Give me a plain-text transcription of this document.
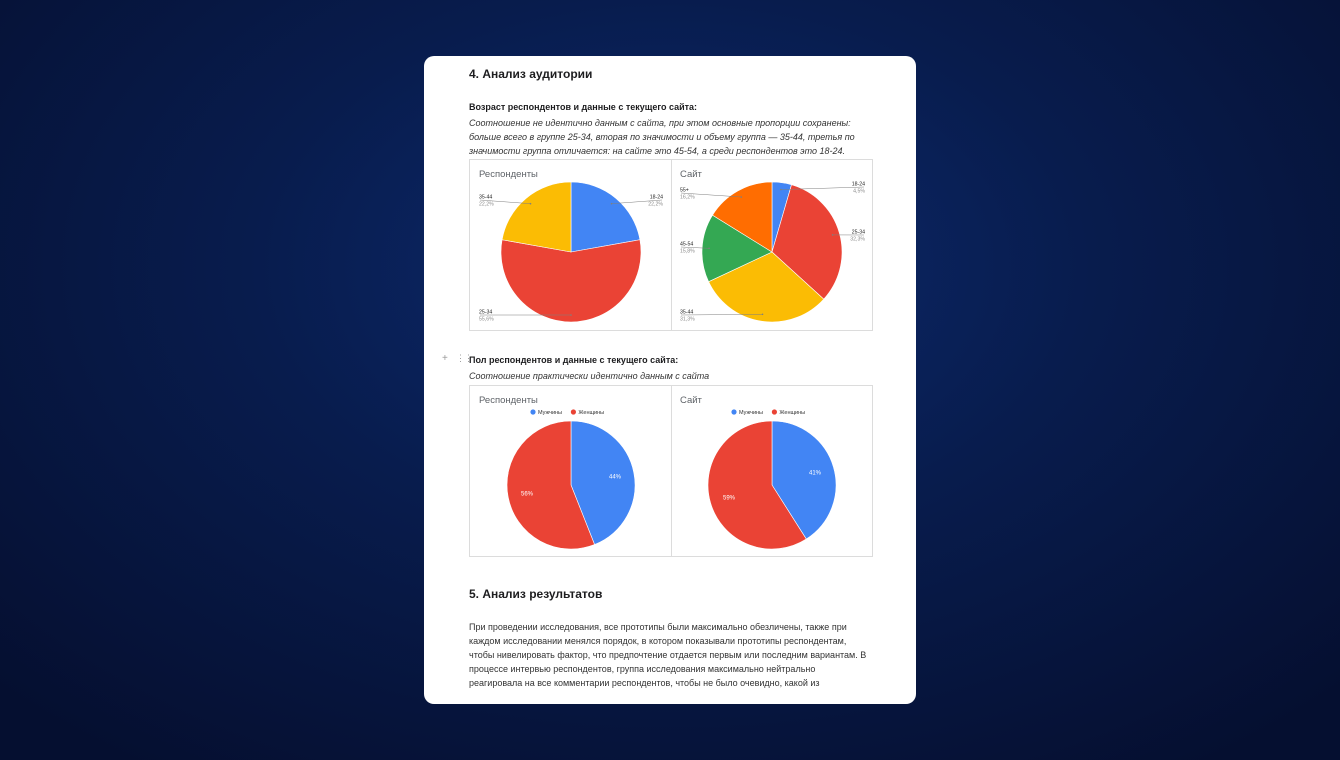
4. Анализ аудитории

Возраст респондентов и данные с текущего сайта:

Соотношение не идентично данным с сайта, при этом основные пропорции сохранены: больше всего в группе 25-34, вторая по значимости и объему группа — 35-44, третья по значимости группа отличается: на сайте это 45-54, а среди респондентов это 18-24.

Респонденты
18-24
22,2%
25-34
55,6%
35-44
22,2%
Сайт
18-24
4,5%
25-34
32,3%
35-44
31,3%
45-54
15,8%
55+
16,2%
+ ⋮⋮

Пол респондентов и данные с текущего сайта:

Соотношение практически идентично данным с сайта

Респонденты
Мужчины	Женщины
44%
56%
Сайт
Мужчины	Женщины
41%
59%
5. Анализ результатов

При проведении исследования, все прототипы были максимально обезличены, также при каждом исследовании менялся порядок, в котором показывали прототипы респондентам, чтобы нивелировать фактор, что предпочтение отдается первым или последним вариантам. В процессе интервью респондентов, группа исследования максимально нейтрально реагировала на все комментарии респондентов, чтобы не было очевидно, какой из
